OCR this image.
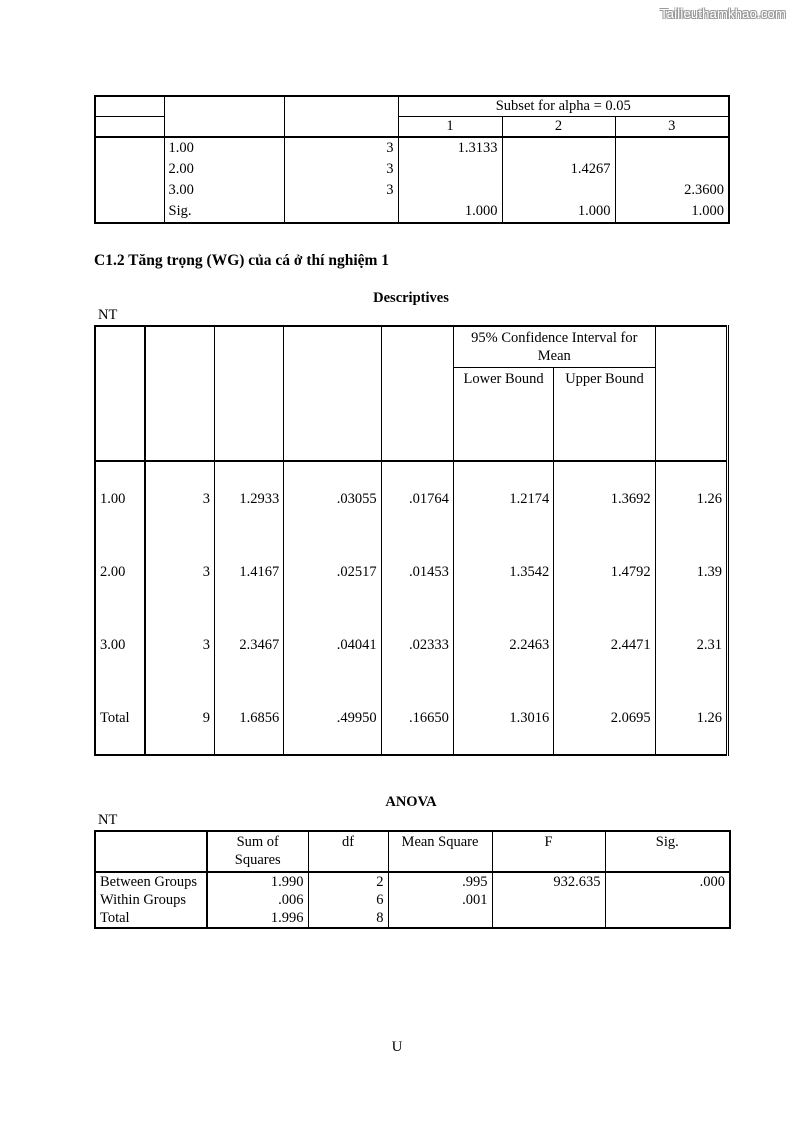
Tailieuthamkhao.com
			Subset for alpha = 0.05		
			1	2	3
	1.00	3	1.3133		
	2.00	3		1.4267	
	3.00	3			2.3600
	Sig.		1.000	1.000	1.000
C1.2 Tăng trọng (WG) của cá ở thí nghiệm 1
Descriptives
NT
					95% Confidence Interval for Mean		
					Lower Bound	Upper Bound	
1.00	3	1.2933	.03055	.01764	1.2174	1.3692	1.26
2.00	3	1.4167	.02517	.01453	1.3542	1.4792	1.39
3.00	3	2.3467	.04041	.02333	2.2463	2.4471	2.31
Total	9	1.6856	.49950	.16650	1.3016	2.0695	1.26
ANOVA
NT
	Sum of Squares	df	Mean Square	F	Sig.
Between Groups	1.990	2	.995	932.635	.000
Within Groups	.006	6	.001		
Total	1.996	8			
U
